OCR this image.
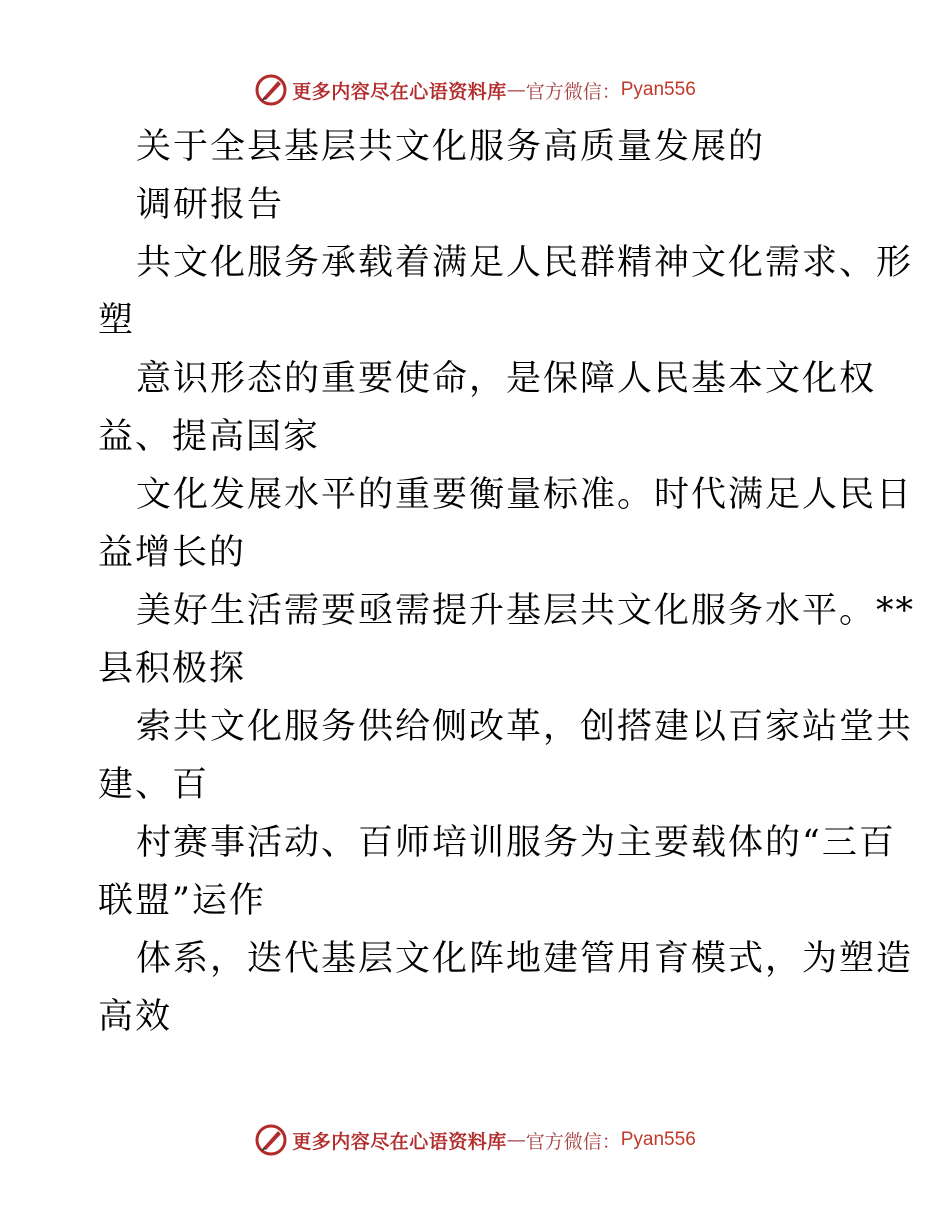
更多内容尽在心语资料库 — 官方微信： Pyan556
关于全县基层共文化服务高质量发展的
调研报告
共文化服务承载着满足人民群精神文化需求、形
塑
意识形态的重要使命，是保障人民基本文化权
益、提高国家
文化发展水平的重要衡量标准。时代满足人民日
益增长的
美好生活需要亟需提升基层共文化服务水平。**
县积极探
索共文化服务供给侧改革，创搭建以百家站堂共
建、百
村赛事活动、百师培训服务为主要载体的“三百
联盟”运作
体系，迭代基层文化阵地建管用育模式，为塑造
高效
更多内容尽在心语资料库 — 官方微信： Pyan556
